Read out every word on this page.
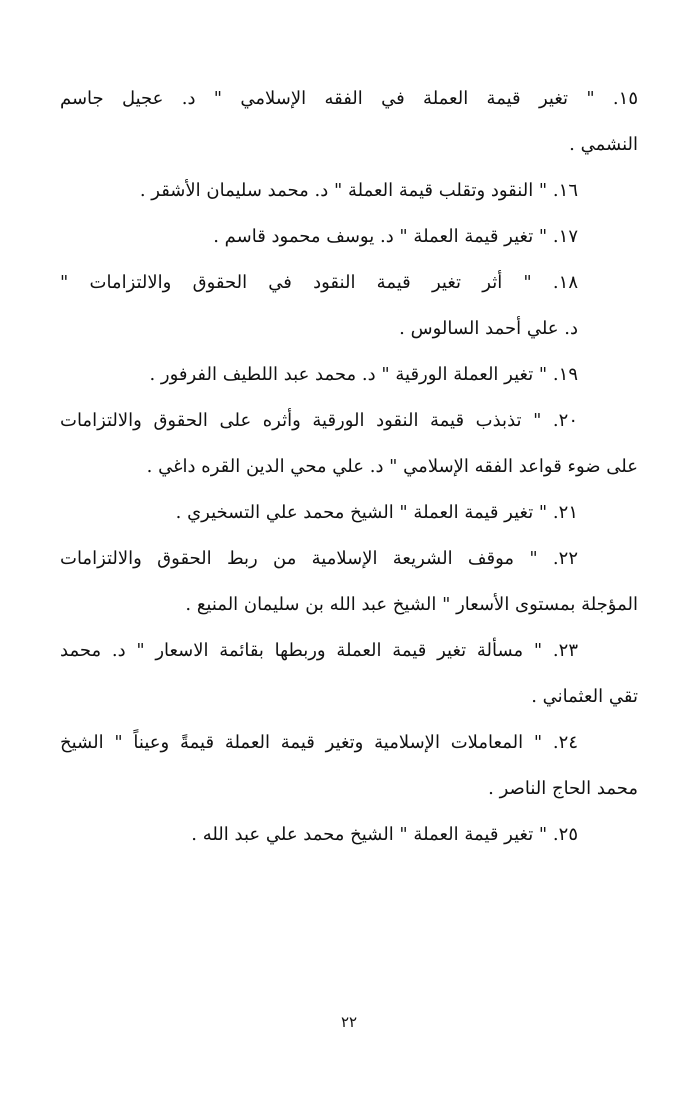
١٥. " تغير قيمة العملة في الفقه الإسلامي " د. عجيل جاسم
النشمي .
١٦. " النقود وتقلب قيمة العملة " د. محمد سليمان الأشقر .
١٧. " تغير قيمة العملة " د. يوسف محمود قاسم .
١٨. " أثر تغير قيمة النقود في الحقوق والالتزامات "
د. علي أحمد السالوس .
١٩. " تغير العملة الورقية " د. محمد عبد اللطيف الفرفور .
٢٠. " تذبذب قيمة النقود الورقية وأثره على الحقوق والالتزامات
على ضوء قواعد الفقه الإسلامي " د. علي محي الدين القره داغي .
٢١. " تغير قيمة العملة " الشيخ محمد علي التسخيري .
٢٢. " موقف الشريعة الإسلامية من ربط الحقوق والالتزامات
المؤجلة بمستوى الأسعار " الشيخ عبد الله بن سليمان المنيع .
٢٣. " مسألة تغير قيمة العملة وربطها بقائمة الاسعار " د. محمد
تقي العثماني .
٢٤. " المعاملات الإسلامية وتغير قيمة العملة قيمةً وعيناً " الشيخ
محمد الحاج الناصر .
٢٥. " تغير قيمة العملة " الشيخ محمد علي عبد الله .
٢٢
